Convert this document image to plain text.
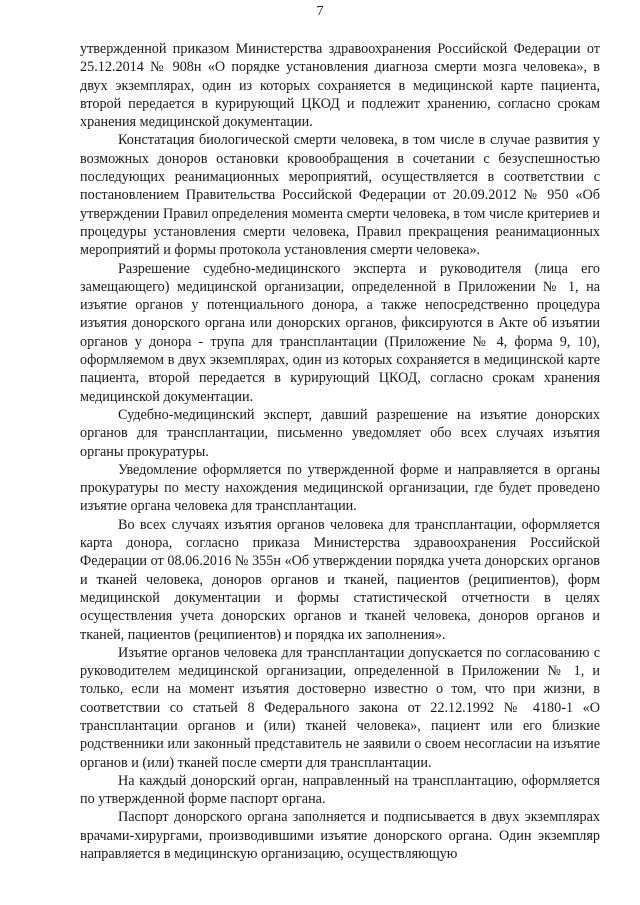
7

утвержденной приказом Министерства здравоохранения Российской Федерации от 25.12.2014 № 908н «О порядке установления диагноза смерти мозга человека», в двух экземплярах, один из которых сохраняется в медицинской карте пациента, второй передается в курирующий ЦКОД и подлежит хранению, согласно срокам хранения медицинской документации.

Констатация биологической смерти человека, в том числе в случае развития у возможных доноров остановки кровообращения в сочетании с безуспешностью последующих реанимационных мероприятий, осуществляется в соответствии с постановлением Правительства Российской Федерации от 20.09.2012 № 950 «Об утверждении Правил определения момента смерти человека, в том числе критериев и процедуры установления смерти человека, Правил прекращения реанимационных мероприятий и формы протокола установления смерти человека».

Разрешение судебно-медицинского эксперта и руководителя (лица его замещающего) медицинской организации, определенной в Приложении № 1, на изъятие органов у потенциального донора, а также непосредственно процедура изъятия донорского органа или донорских органов, фиксируются в Акте об изъятии органов у донора - трупа для трансплантации (Приложение № 4, форма 9, 10), оформляемом в двух экземплярах, один из которых сохраняется в медицинской карте пациента, второй передается в курирующий ЦКОД, согласно срокам хранения медицинской документации.

Судебно-медицинский эксперт, давший разрешение на изъятие донорских органов для трансплантации, письменно уведомляет обо всех случаях изъятия органы прокуратуры.

Уведомление оформляется по утвержденной форме и направляется в органы прокуратуры по месту нахождения медицинской организации, где будет проведено изъятие органа человека для трансплантации.

Во всех случаях изъятия органов человека для трансплантации, оформляется карта донора, согласно приказа Министерства здравоохранения Российской Федерации от 08.06.2016 № 355н «Об утверждении порядка учета донорских органов и тканей человека, доноров органов и тканей, пациентов (реципиентов), форм медицинской документации и формы статистической отчетности в целях осуществления учета донорских органов и тканей человека, доноров органов и тканей, пациентов (реципиентов) и порядка их заполнения».

Изъятие органов человека для трансплантации допускается по согласованию с руководителем медицинской организации, определенной в Приложении № 1, и только, если на момент изъятия достоверно известно о том, что при жизни, в соответствии со статьей 8 Федерального закона от 22.12.1992 № 4180-1 «О трансплантации органов и (или) тканей человека», пациент или его близкие родственники или законный представитель не заявили о своем несогласии на изъятие органов и (или) тканей после смерти для трансплантации.

На каждый донорский орган, направленный на трансплантацию, оформляется по утвержденной форме паспорт органа.

Паспорт донорского органа заполняется и подписывается в двух экземплярах врачами-хирургами, производившими изъятие донорского органа. Один экземпляр направляется в медицинскую организацию, осуществляющую
